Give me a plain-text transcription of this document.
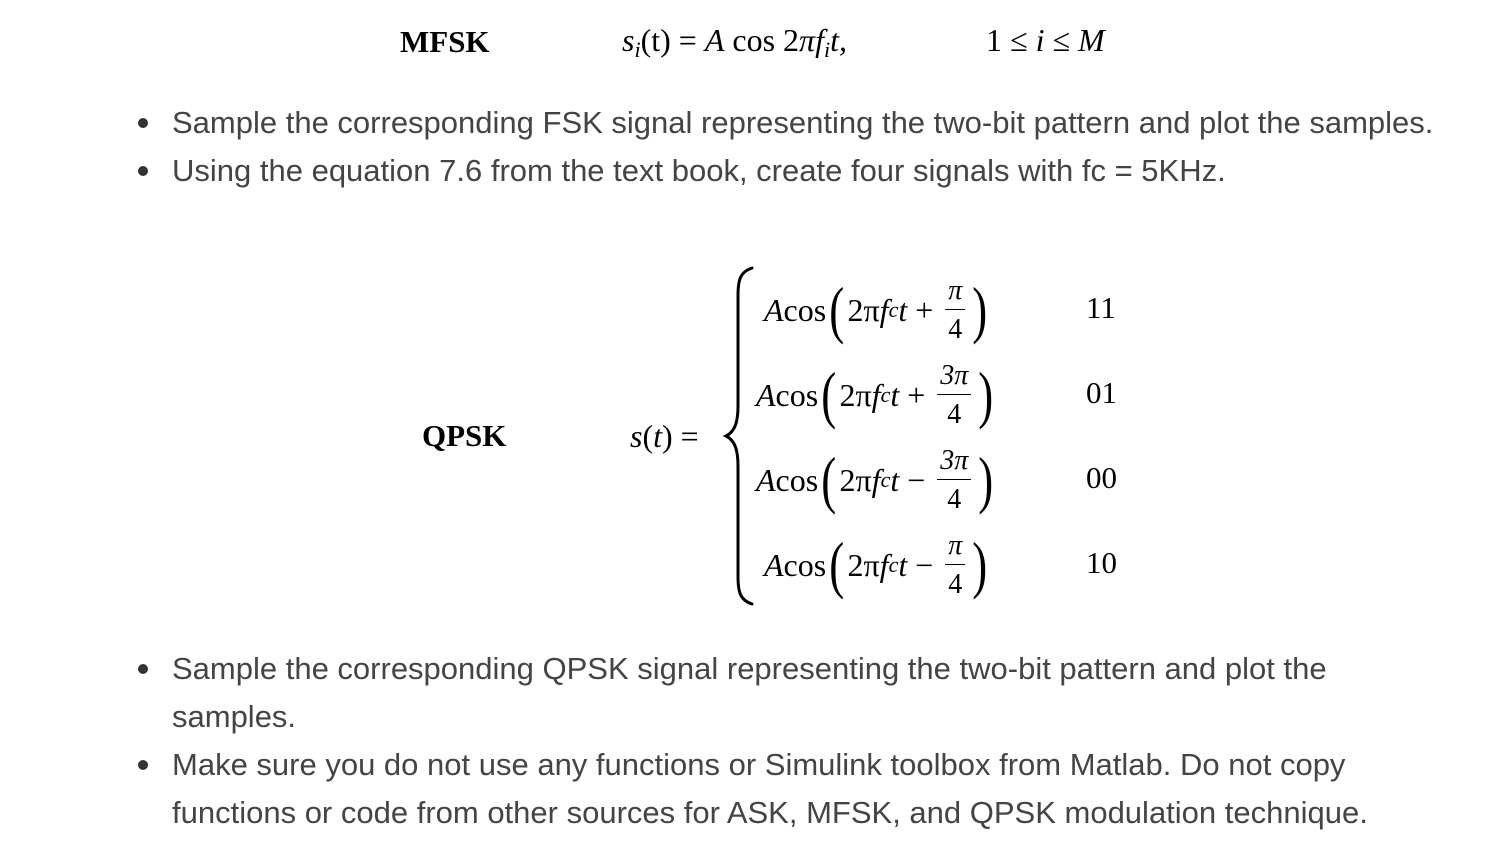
MFSK	$s_i(t) = A$ $\cos 2\pi f_it$,	1 ≤ i ≤ M
Sample the corresponding FSK signal representing the two-bit pattern and plot the samples.
Using the equation 7.6 from the text book, create four signals with fc = 5KHz.
QPSK	s(t) =
A cos ( 2π f c t
+
$\frac{\pi}{4}$ )	11
A cos ( 2π f c t
+
$\frac{3\pi}{4}$ )	01
A cos ( 2π f c t
−
$\frac{3\pi}{4}$ )	00
A cos ( 2π f c t
−
$\frac{\pi}{4}$ )	10
Sample the corresponding QPSK signal representing the two-bit pattern and plot the samples.
Make sure you do not use any functions or Simulink toolbox from Matlab. Do not copy functions or code from other sources for ASK, MFSK, and QPSK modulation technique.
